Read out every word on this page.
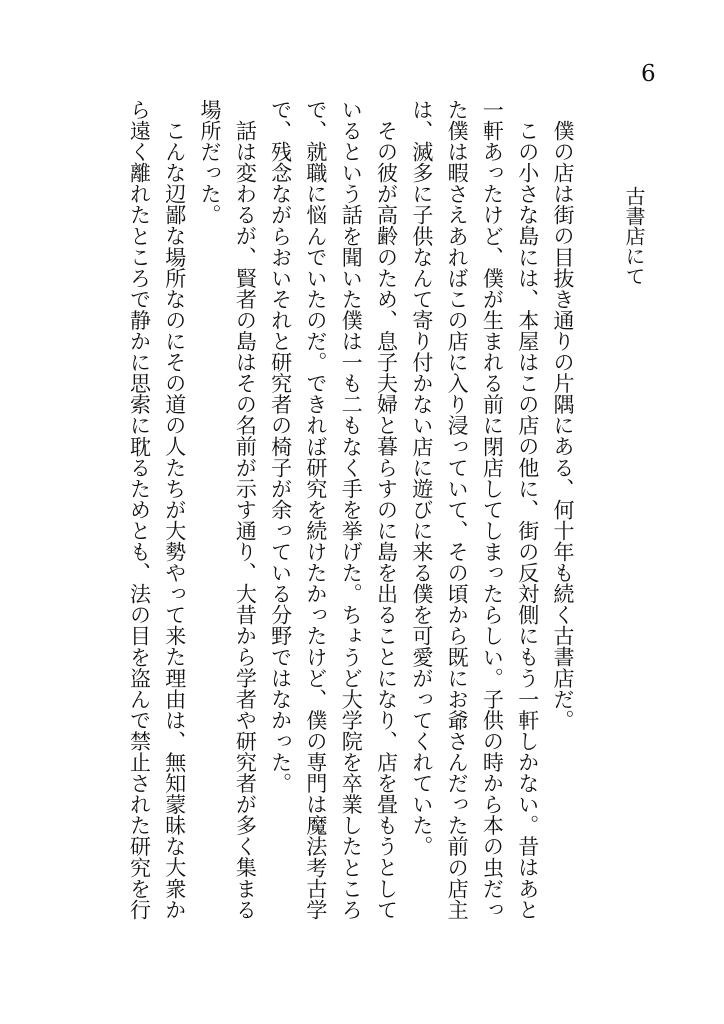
6
古書店にて
僕の店は街の目抜き通りの片隅にある、何十年も続く古書店だ。
この小さな島には、本屋はこの店の他に、街の反対側にもう一軒しかない。昔はあと
一軒あったけど、僕が生まれる前に閉店してしまったらしい。子供の時から本の虫だっ
た僕は暇さえあればこの店に入り浸っていて、その頃から既にお爺さんだった前の店主
は、滅多に子供なんて寄り付かない店に遊びに来る僕を可愛がってくれていた。
その彼が高齢のため、息子夫婦と暮らすのに島を出ることになり、店を畳もうとして
いるという話を聞いた僕は一も二もなく手を挙げた。ちょうど大学院を卒業したところ
で、就職に悩んでいたのだ。できれば研究を続けたかったけど、僕の専門は魔法考古学
で、残念ながらおいそれと研究者の椅子が余っている分野ではなかった。
話は変わるが、賢者の島はその名前が示す通り、大昔から学者や研究者が多く集まる
場所だった。
こんな辺鄙な場所なのにその道の人たちが大勢やって来た理由は、無知蒙昧な大衆か
ら遠く離れたところで静かに思索に耽るためとも、法の目を盗んで禁止された研究を行
